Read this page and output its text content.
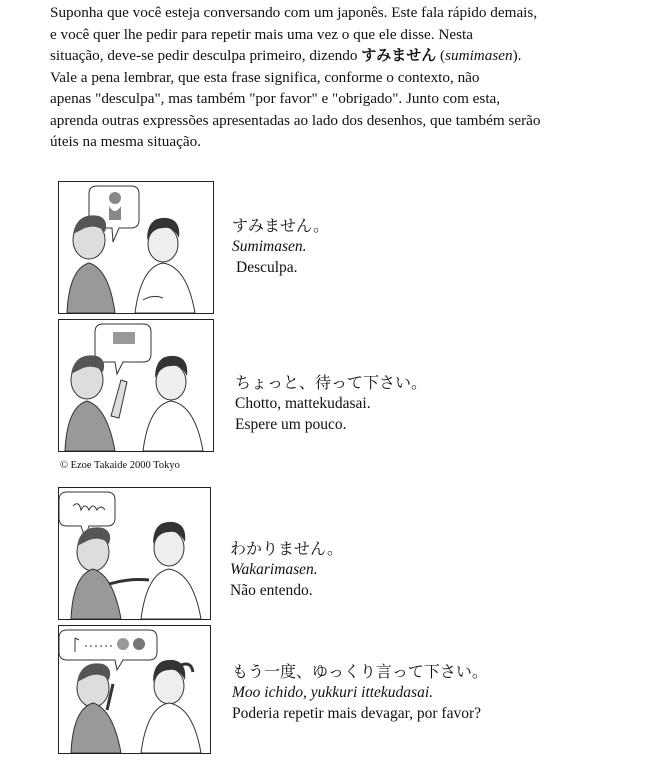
Suponha que você esteja conversando com um japonês. Este fala rápido demais,
e você quer lhe pedir para repetir mais uma vez o que ele disse. Nesta
situação, deve-se pedir desculpa primeiro, dizendo すみません (sumimasen).
Vale a pena lembrar, que esta frase significa, conforme o contexto, não
apenas "desculpa", mas também "por favor" e "obrigado". Junto com esta,
aprenda outras expressões apresentadas ao lado dos desenhos, que também serão
úteis na mesma situação.
すみません。
Sumimasen.
Desculpa.
ちょっと、待って下さい。
Chotto, mattekudasai.
Espere um pouco.
© Ezoe Takaide 2000 Tokyo
わかりません。
Wakarimasen.
Não entendo.
もう一度、ゆっくり言って下さい。
Moo ichido, yukkuri ittekudasai.
Poderia repetir mais devagar, por favor?
